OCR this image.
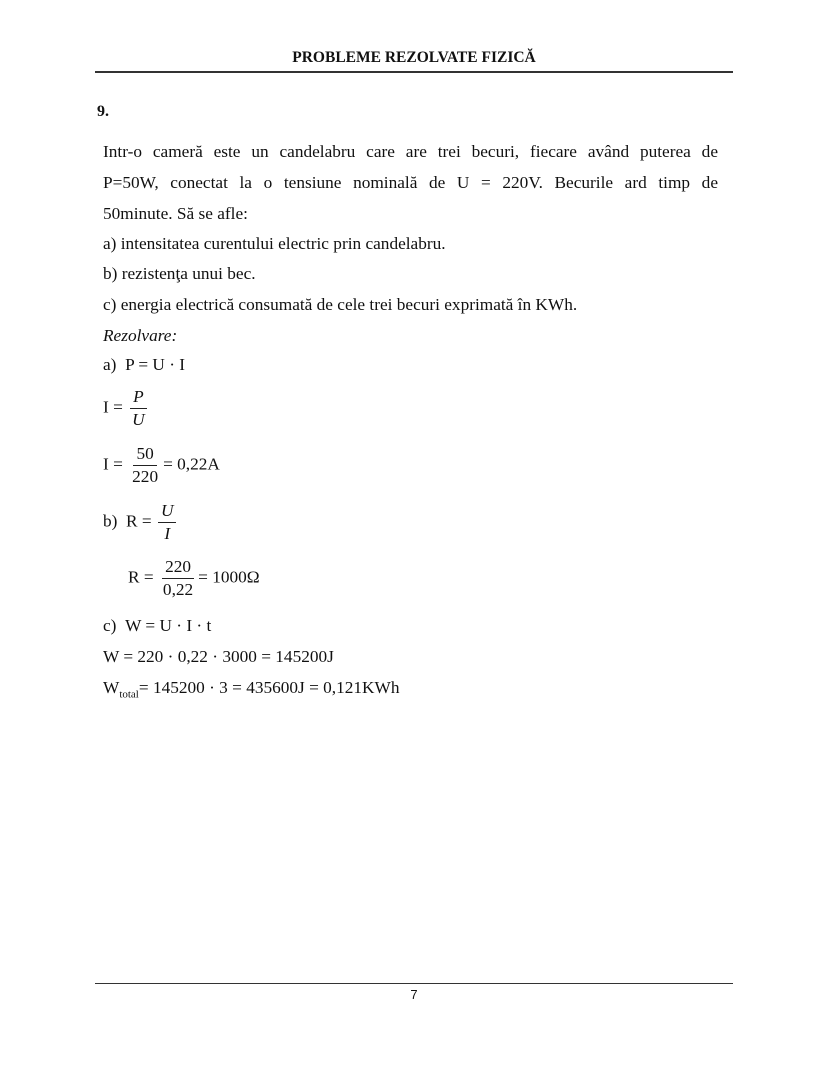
PROBLEME REZOLVATE FIZICĂ
9.
Intr-o cameră este un candelabru care are trei becuri, fiecare având puterea de
P=50W, conectat la o tensiune nominală de U = 220V. Becurile ard timp de
50minute. Să se afle:
a) intensitatea curentului electric prin candelabru.
b) rezistenţa unui bec.
c) energia electrică consumată de cele trei becuri exprimată în KWh.
Rezolvare:
a) P = U · I
$I = \frac{P}{U}$
$I = \frac{50}{220} = 0,22A$
b) $R = \frac{U}{I}$
$R = \frac{220}{0,22} = 1000\Omega$
c) W = U · I · t
W = 220 · 0,22 · 3000 = 145200J
$W_{total}= 145200 \cdot 3 = 435600J = 0,121KWh$
7
